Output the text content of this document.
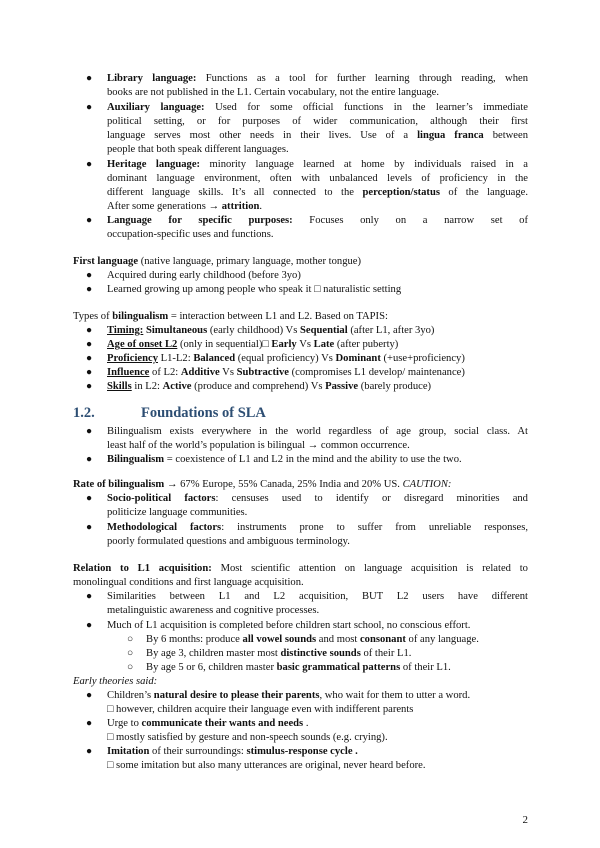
● Library language: Functions as a tool for further learning through reading, when
books are not published in the L1. Certain vocabulary, not the entire language.
● Auxiliary language: Used for some official functions in the learner’s immediate
political setting, or for purposes of wider communication, although their first
language serves most other needs in their lives. Use of a lingua franca between
people that both speak different languages.
● Heritage language: minority language learned at home by individuals raised in a
dominant language environment, often with unbalanced levels of proficiency in the
different language skills. It’s all connected to the perception/status of the language.
After some generations → attrition.
● Language for specific purposes: Focuses only on a narrow set of
occupation-specific uses and functions.
First language (native language, primary language, mother tongue)
● Acquired during early childhood (before 3yo)
● Learned growing up among people who speak it □ naturalistic setting
Types of bilingualism = interaction between L1 and L2. Based on TAPIS:
● Timing: Simultaneous (early childhood) Vs Sequential (after L1, after 3yo)
● Age of onset L2 (only in sequential)□ Early Vs Late (after puberty)
● Proficiency L1-L2: Balanced (equal proficiency) Vs Dominant (+use+proficiency)
● Influence of L2: Additive Vs Subtractive (compromises L1 develop/ maintenance)
● Skills in L2: Active (produce and comprehend) Vs Passive (barely produce)
1.2.	Foundations of SLA
● Bilingualism exists everywhere in the world regardless of age group, social class. At
least half of the world’s population is bilingual → common occurrence.
● Bilingualism = coexistence of L1 and L2 in the mind and the ability to use the two.
Rate of bilingualism → 67% Europe, 55% Canada, 25% India and 20% US. CAUTION:
● Socio-political factors: censuses used to identify or disregard minorities and
politicize language communities.
● Methodological factors: instruments prone to suffer from unreliable responses,
poorly formulated questions and ambiguous terminology.
Relation to L1 acquisition: Most scientific attention on language acquisition is related to
monolingual conditions and first language acquisition.
● Similarities between L1 and L2 acquisition, BUT L2 users have different
metalinguistic awareness and cognitive processes.
● Much of L1 acquisition is completed before children start school, no conscious effort.
○ By 6 months: produce all vowel sounds and most consonant of any language.
○ By age 3, children master most distinctive sounds of their L1.
○ By age 5 or 6, children master basic grammatical patterns of their L1.
Early theories said:
● Children’s natural desire to please their parents, who wait for them to utter a word.
□ however, children acquire their language even with indifferent parents
● Urge to communicate their wants and needs .
□ mostly satisfied by gesture and non-speech sounds (e.g. crying).
● Imitation of their surroundings: stimulus-response cycle .
□ some imitation but also many utterances are original, never heard before.
2
